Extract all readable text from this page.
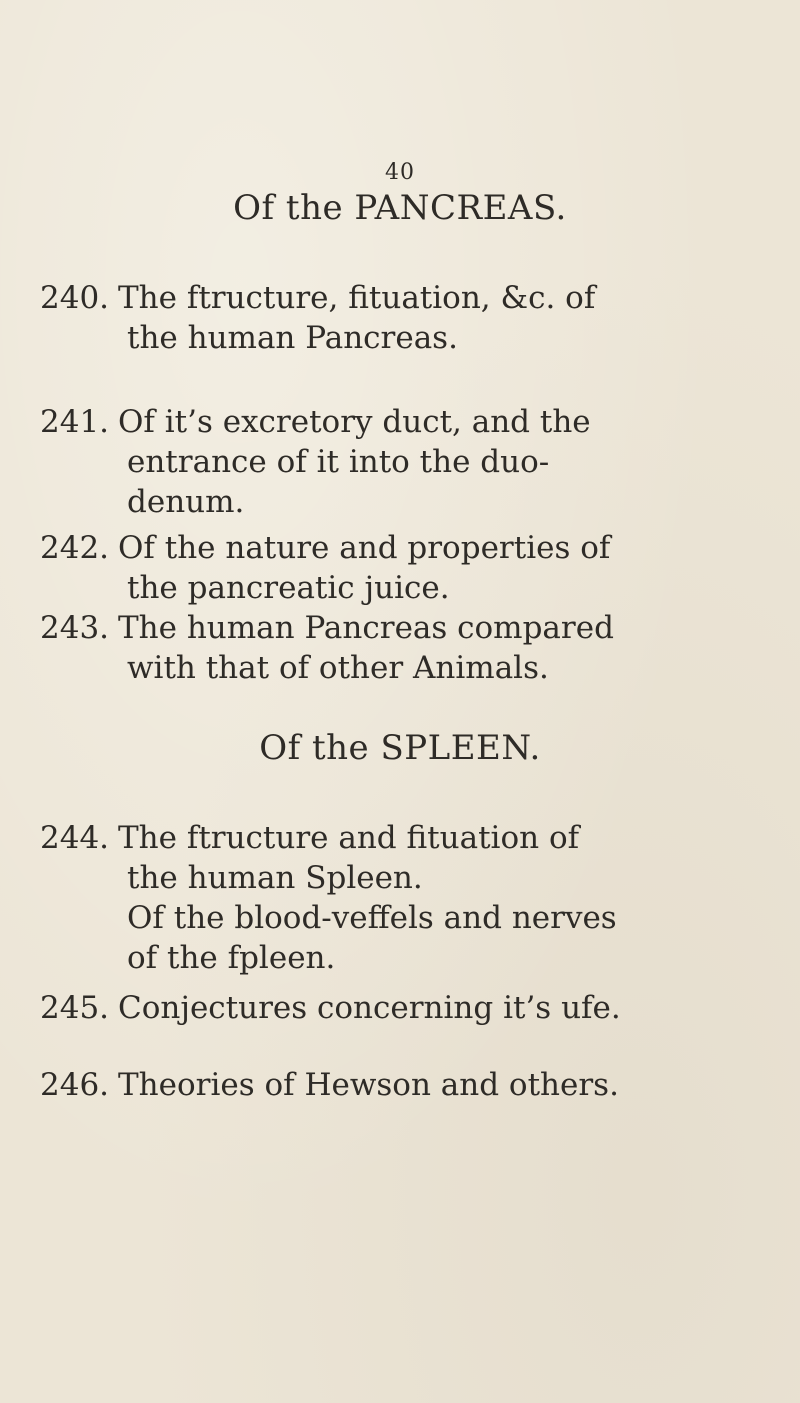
40
Of the PANCREAS.
240. The ftructure, fituation, &c. of
the human Pancreas.
241. Of it’s excretory duct, and the
entrance of it into the duo-
denum.
242. Of the nature and properties of
the pancreatic juice.
243. The human Pancreas compared
with that of other Animals.
Of the SPLEEN.
244. The ftructure and fituation of
the human Spleen.
Of the blood-veffels and nerves
of the fpleen.
245. Conjectures concerning it’s ufe.
246. Theories of Hewson and others.
